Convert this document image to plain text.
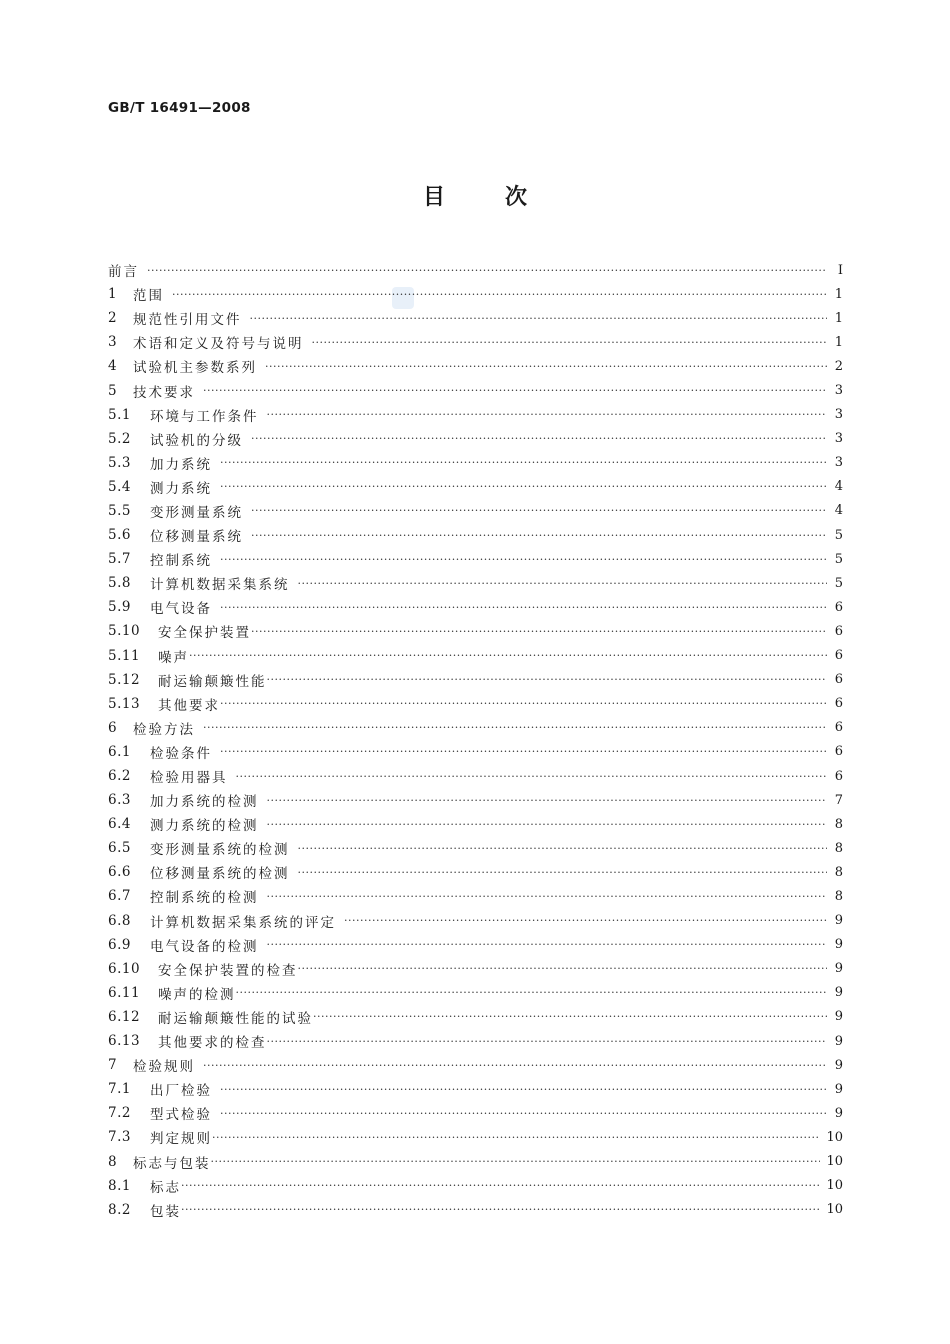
GB/T 16491—2008
目	次
前言 ·····	Ⅰ
1	范围 ·····	1
2	规范性引用文件 ·····	1
3	术语和定义及符号与说明 ·····	1
4	试验机主参数系列 ·····	2
5	技术要求 ·····	3
5.1	环境与工作条件 ·····	3
5.2	试验机的分级 ·····	3
5.3	加力系统 ·····	3
5.4	测力系统 ·····	4
5.5	变形测量系统 ·····	4
5.6	位移测量系统 ·····	5
5.7	控制系统 ·····	5
5.8	计算机数据采集系统 ·····	5
5.9	电气设备 ·····	6
5.10	安全保护装置 ·····	6
5.11	噪声 ·····	6
5.12	耐运输颠簸性能 ·····	6
5.13	其他要求 ·····	6
6	检验方法 ·····	6
6.1	检验条件 ·····	6
6.2	检验用器具 ·····	6
6.3	加力系统的检测 ·····	7
6.4	测力系统的检测 ·····	8
6.5	变形测量系统的检测 ·····	8
6.6	位移测量系统的检测 ·····	8
6.7	控制系统的检测 ·····	8
6.8	计算机数据采集系统的评定 ·····	9
6.9	电气设备的检测 ·····	9
6.10	安全保护装置的检查 ·····	9
6.11	噪声的检测 ·····	9
6.12	耐运输颠簸性能的试验 ·····	9
6.13	其他要求的检查 ·····	9
7	检验规则 ·····	9
7.1	出厂检验 ·····	9
7.2	型式检验 ·····	9
7.3	判定规则 ·····	10
8	标志与包装 ·····	10
8.1	标志 ·····	10
8.2	包装 ·····	10
